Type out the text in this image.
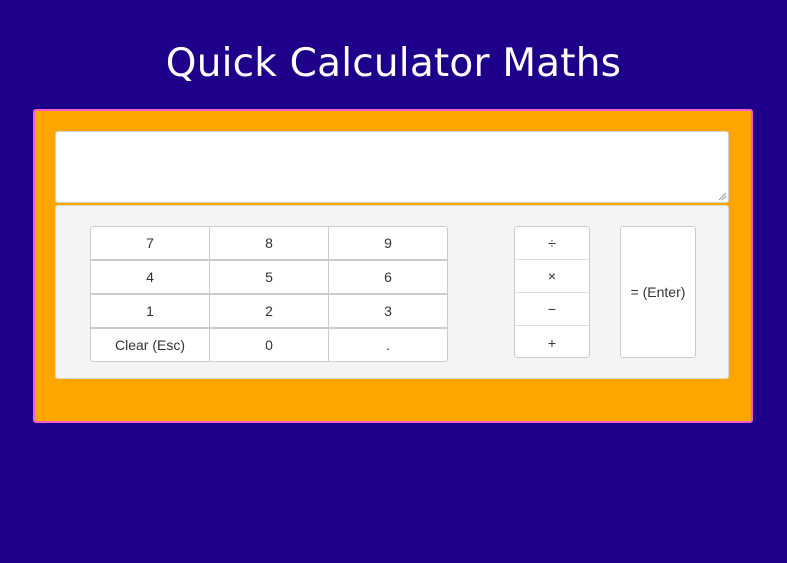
Quick Calculator Maths
7	8	9
4	5	6
1	2	3
Clear (Esc)	0	.
÷
×
−
+
= (Enter)
